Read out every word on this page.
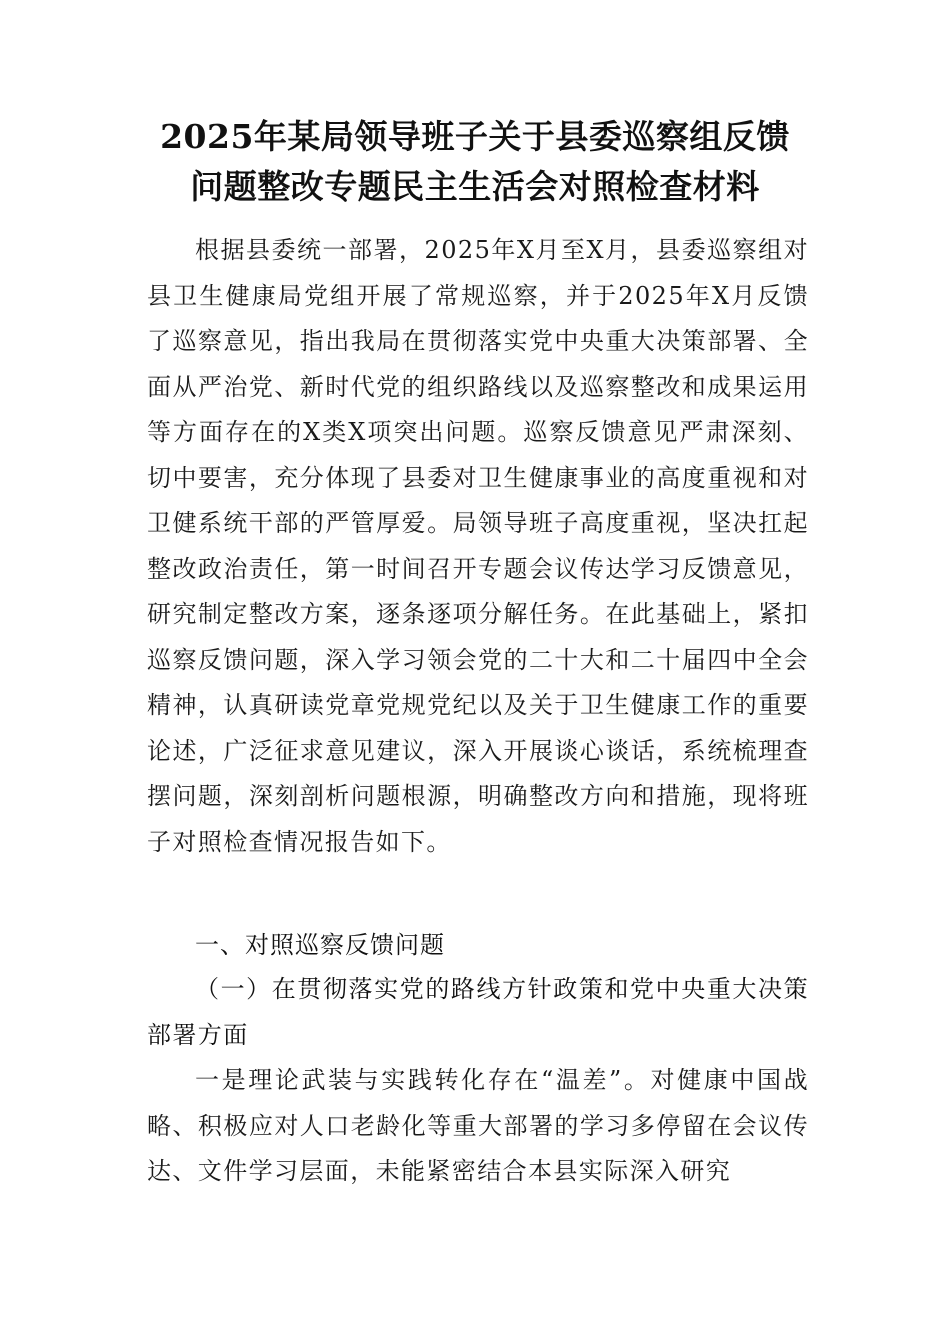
2025年某局领导班子关于县委巡察组反馈
问题整改专题民主生活会对照检查材料
根据县委统一部署，2025年X月至X月，县委巡察组对县卫生健康局党组开展了常规巡察，并于2025年X月反馈了巡察意见，指出我局在贯彻落实党中央重大决策部署、全面从严治党、新时代党的组织路线以及巡察整改和成果运用等方面存在的X类X项突出问题。巡察反馈意见严肃深刻、切中要害，充分体现了县委对卫生健康事业的高度重视和对卫健系统干部的严管厚爱。局领导班子高度重视，坚决扛起整改政治责任，第一时间召开专题会议传达学习反馈意见，研究制定整改方案，逐条逐项分解任务。在此基础上，紧扣巡察反馈问题，深入学习领会党的二十大和二十届四中全会精神，认真研读党章党规党纪以及关于卫生健康工作的重要论述，广泛征求意见建议，深入开展谈心谈话，系统梳理查摆问题，深刻剖析问题根源，明确整改方向和措施，现将班子对照检查情况报告如下。
一、对照巡察反馈问题
（一）在贯彻落实党的路线方针政策和党中央重大决策部署方面
一是理论武装与实践转化存在“温差”。对健康中国战略、积极应对人口老龄化等重大部署的学习多停留在会议传达、文件学习层面，未能紧密结合本县实际深入研究
